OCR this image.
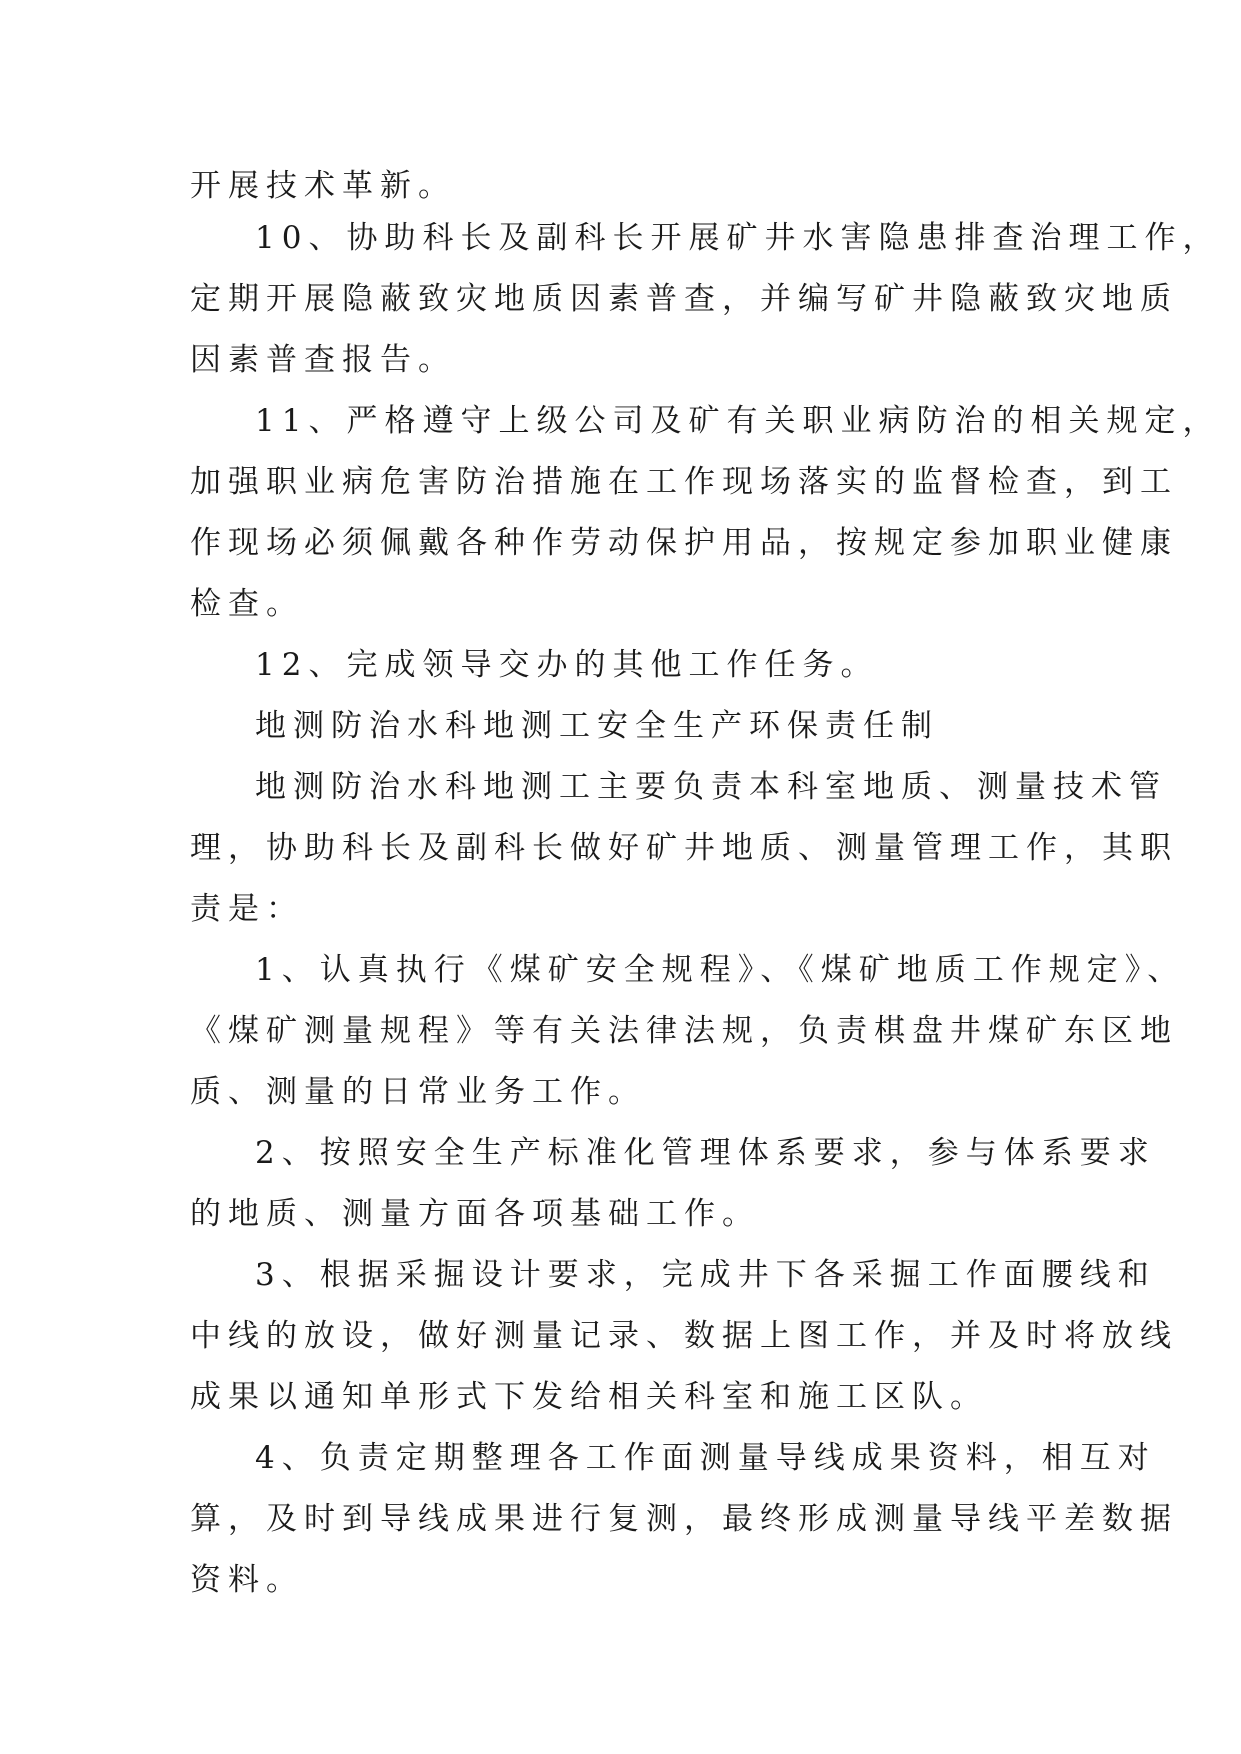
开展技术革新。
10、协助科长及副科长开展矿井水害隐患排查治理工作，
定期开展隐蔽致灾地质因素普查，并编写矿井隐蔽致灾地质
因素普查报告。
11、严格遵守上级公司及矿有关职业病防治的相关规定，
加强职业病危害防治措施在工作现场落实的监督检查，到工
作现场必须佩戴各种作劳动保护用品，按规定参加职业健康
检查。
12、完成领导交办的其他工作任务。
地测防治水科地测工安全生产环保责任制
地测防治水科地测工主要负责本科室地质、测量技术管
理，协助科长及副科长做好矿井地质、测量管理工作，其职
责是：
1、认真执行《煤矿安全规程》、《煤矿地质工作规定》、
《煤矿测量规程》等有关法律法规，负责棋盘井煤矿东区地
质、测量的日常业务工作。
2、按照安全生产标准化管理体系要求，参与体系要求
的地质、测量方面各项基础工作。
3、根据采掘设计要求，完成井下各采掘工作面腰线和
中线的放设，做好测量记录、数据上图工作，并及时将放线
成果以通知单形式下发给相关科室和施工区队。
4、负责定期整理各工作面测量导线成果资料，相互对
算，及时到导线成果进行复测，最终形成测量导线平差数据
资料。
